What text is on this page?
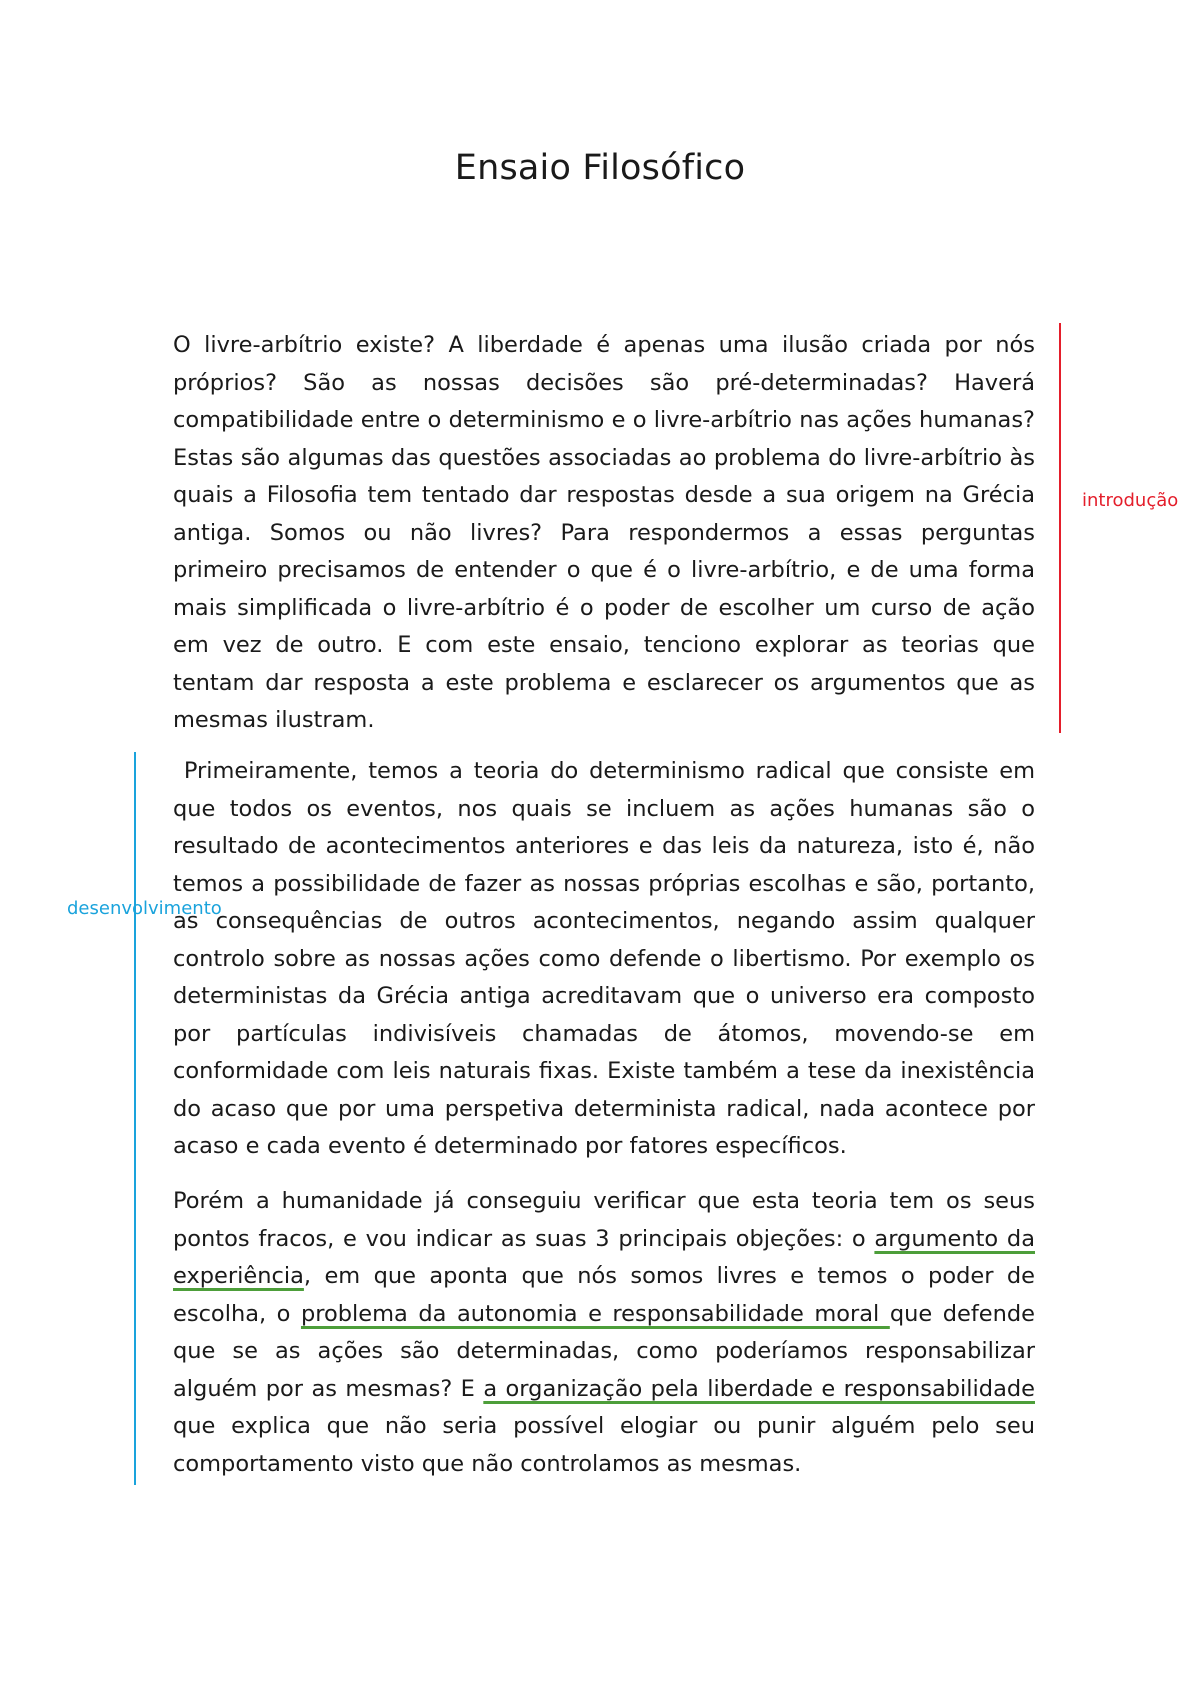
Ensaio Filosófico
introdução
desenvolvimento

O livre-arbítrio existe? A liberdade é apenas uma ilusão criada por nós próprios? São as nossas decisões são pré-determinadas? Haverá compatibilidade entre o determinismo e o livre-arbítrio nas ações humanas? Estas são algumas das questões associadas ao problema do livre-arbítrio às quais a Filosofia tem tentado dar respostas desde a sua origem na Grécia antiga. Somos ou não livres? Para respondermos a essas perguntas primeiro precisamos de entender o que é o livre-arbítrio, e de uma forma mais simplificada o livre-arbítrio é o poder de escolher um curso de ação em vez de outro. E com este ensaio, tenciono explorar as teorias que tentam dar resposta a este problema e esclarecer os argumentos que as mesmas ilustram.

Primeiramente, temos a teoria do determinismo radical que consiste em que todos os eventos, nos quais se incluem as ações humanas são o resultado de acontecimentos anteriores e das leis da natureza, isto é, não temos a possibilidade de fazer as nossas próprias escolhas e são, portanto, as consequências de outros acontecimentos, negando assim qualquer controlo sobre as nossas ações como defende o libertismo. Por exemplo os deterministas da Grécia antiga acreditavam que o universo era composto por partículas indivisíveis chamadas de átomos, movendo-se em conformidade com leis naturais fixas. Existe também a tese da inexistência do acaso que por uma perspetiva determinista radical, nada acontece por acaso e cada evento é determinado por fatores específicos.

Porém a humanidade já conseguiu verificar que esta teoria tem os seus pontos fracos, e vou indicar as suas 3 principais objeções: o argumento da experiência, em que aponta que nós somos livres e temos o poder de escolha, o problema da autonomia e responsabilidade moral que defende que se as ações são determinadas, como poderíamos responsabilizar alguém por as mesmas? E a organização pela liberdade e responsabilidade que explica que não seria possível elogiar ou punir alguém pelo seu comportamento visto que não controlamos as mesmas.
